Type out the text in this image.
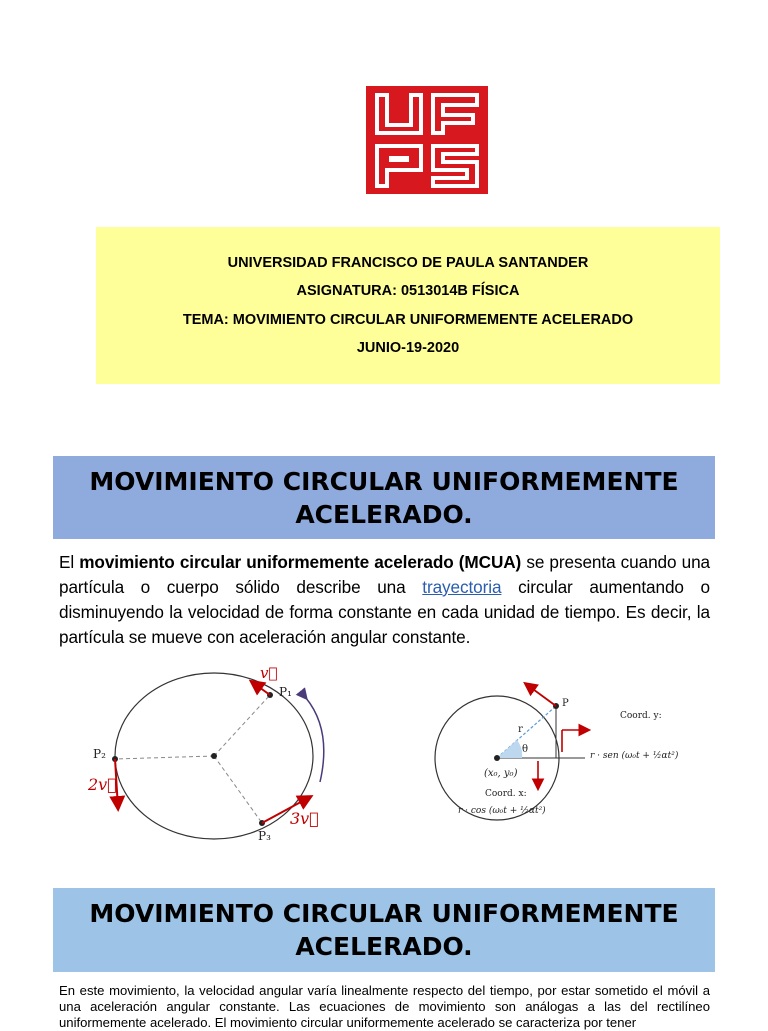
UNIVERSIDAD FRANCISCO DE PAULA SANTANDER
ASIGNATURA: 0513014B FÍSICA
TEMA: MOVIMIENTO CIRCULAR UNIFORMEMENTE ACELERADO
JUNIO-19-2020
MOVIMIENTO CIRCULAR UNIFORMEMENTE ACELERADO.
El movimiento circular uniformemente acelerado (MCUA) se presenta cuando una partícula o cuerpo sólido describe una trayectoria circular aumentando o disminuyendo la velocidad de forma constante en cada unidad de tiempo. Es decir, la partícula se mueve con aceleración angular constante.
v⃗
P₁
P₂
P₃
2v⃗
3v⃗
P
r
θ
(x₀, y₀)
Coord. y:
r · sen (ω₀t + ½αt²)
Coord. x:
r · cos (ω₀t + ½αt²)
MOVIMIENTO CIRCULAR UNIFORMEMENTE ACELERADO.
En este movimiento, la velocidad angular varía linealmente respecto del tiempo, por estar sometido el móvil a una aceleración angular constante. Las ecuaciones de movimiento son análogas a las del rectilíneo uniformemente acelerado. El movimiento circular uniformemente acelerado se caracteriza por tener
